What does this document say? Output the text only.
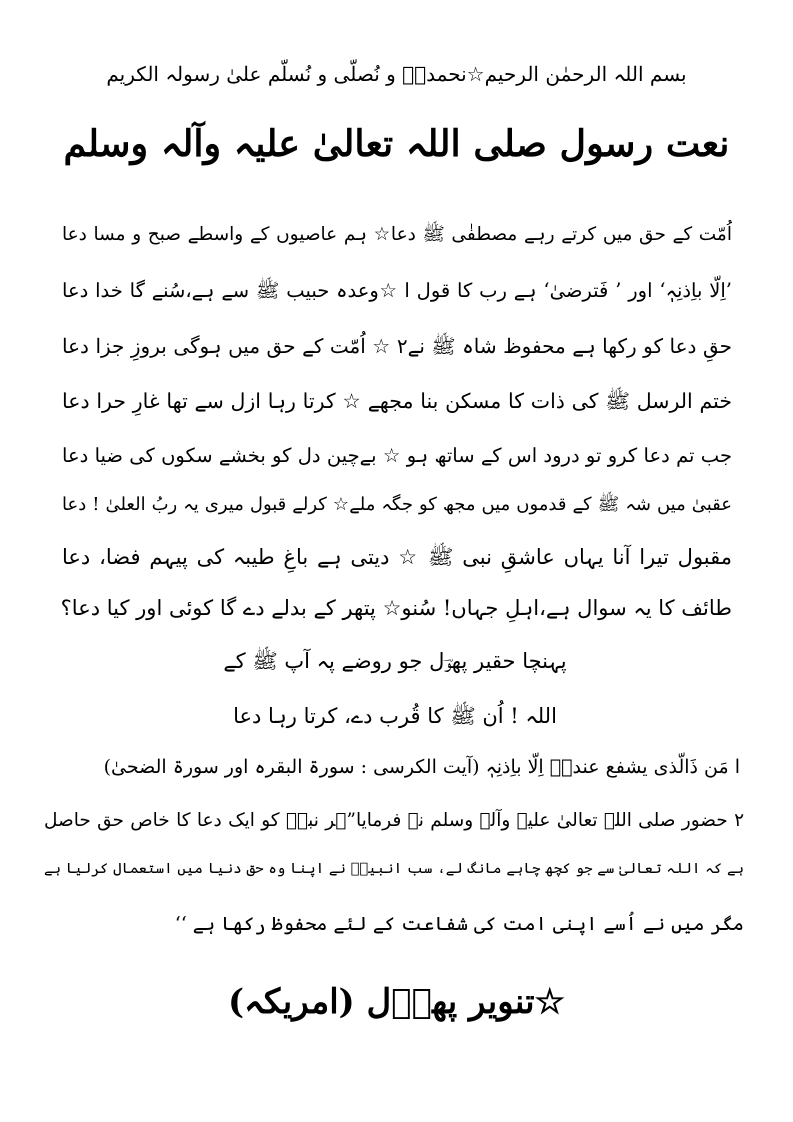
بسم اللہ الرحمٰن الرحیم☆نحمدہٗ و نُصلّی و نُسلّم علیٰ رسولہ الکریم
نعت رسول صلی اللہ تعالیٰ علیہ وآلہ وسلم
اُمّت کے حق میں کرتے رہے مصطفٰی ﷺ دعا☆ ہم عاصیوں کے واسطے صبح و مسا دعا
’اِلّا باِذنِہٖ‘ اور ’ فَترضیٰ‘ ہے رب کا قول ا ☆وعدہ حبیب ﷺ سے ہے،سُنے گا خدا دعا
حقِ دعا کو رکھا ہے محفوظ شاہ ﷺ نے۲ ☆ اُمّت کے حق میں ہوگی بروزِ جزا دعا
ختم الرسل ﷺ کی ذات کا مسکن بنا مجھے ☆ کرتا رہا ازل سے تھا غارِ حرا دعا
جب تم دعا کرو تو درود اس کے ساتھ ہو ☆ بےچین دل کو بخشے سکوں کی ضیا دعا
عقبیٰ میں شہ ﷺ کے قدموں میں مجھ کو جگہ ملے☆ کرلے قبول میری یہ ربُ العلیٰ ! دعا
مقبول تیرا آنا یہاں عاشقِ نبی ﷺ ☆ دیتی ہے باغِ طیبہ کی پیہم فضا، دعا
طائف کا یہ سوال ہے،اہلِ جہاں! سُنو☆ پتھر کے بدلے دے گا کوئی اور کیا دعا؟
پہنچا حقیر پھوؔل جو روضے پہ آپ ﷺ کے
اللہ ! اُن ﷺ کا قُرب دے، کرتا رہا دعا
ا مَن ذَالّذی یشفع عندہٗ اِلّا باِذنِہٖ (آیت الکرسی : سورۃ البقرہ اور سورۃ الضحیٰ)
۲ حضور صلی اللہ تعالیٰ علیہ وآلہ وسلم نے فرمایا”ہر نبیؑ کو ایک دعا کا خاص حق حاصل
ہے کہ اللہ تعالیٰ سے جو کچھ چاہے مانگ لے، سب انبیاؑ نے اپنا وہ حق دنیا میں استعمال کرلیا ہے
مگر میں نے اُسے اپنی امت کی شفاعت کے لئے محفوظ رکھا ہے ‘‘
☆تنویر پھوؔل (امریکہ)
